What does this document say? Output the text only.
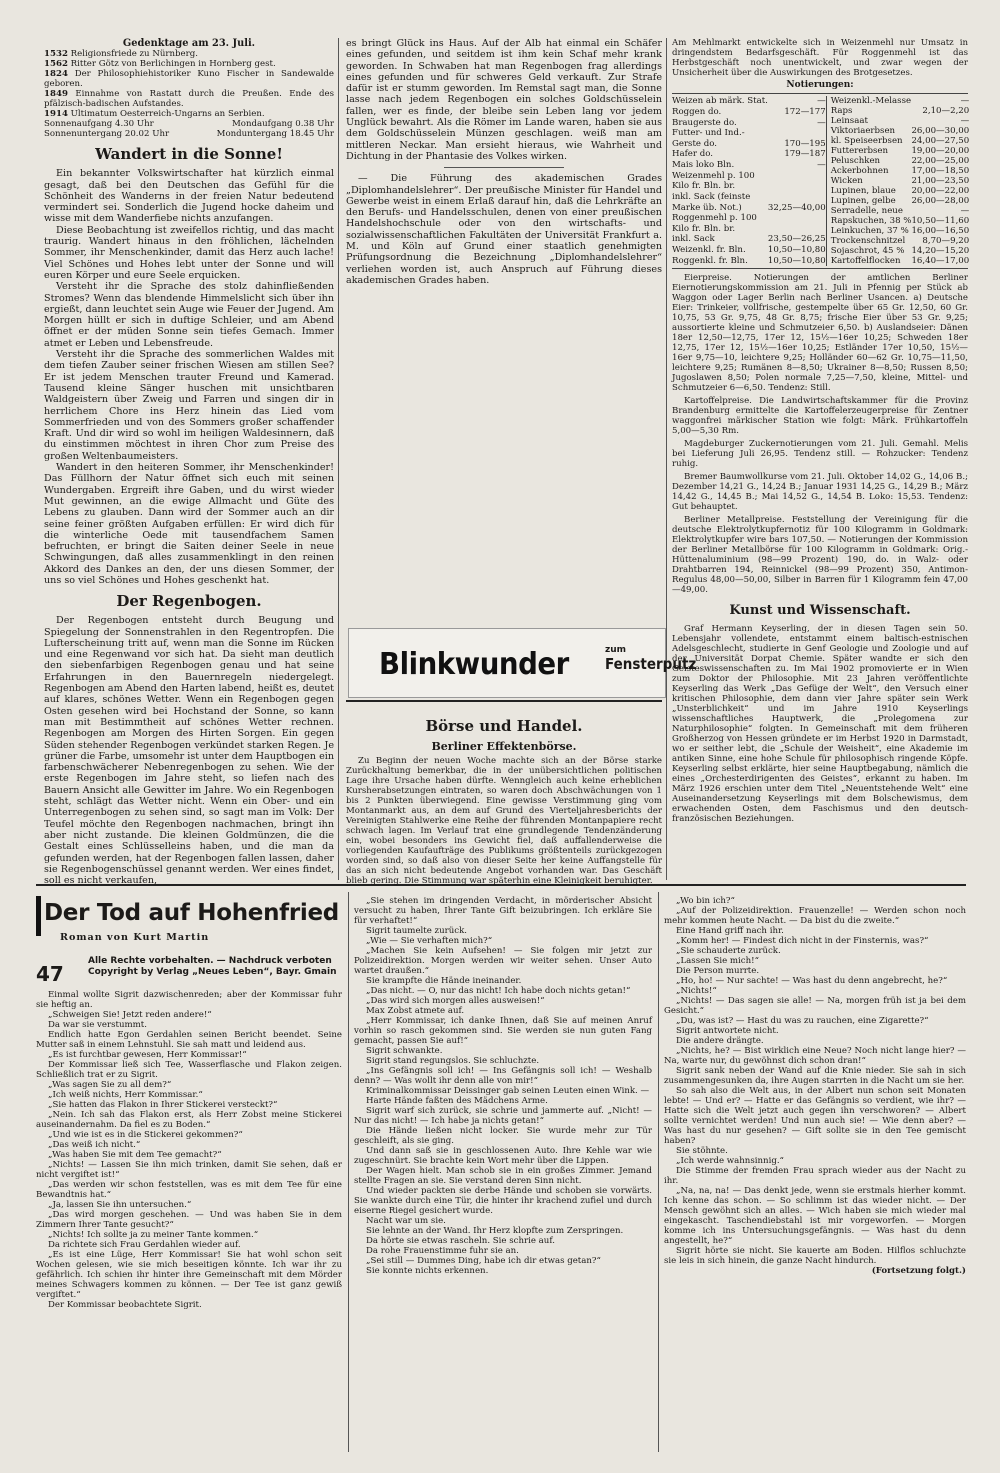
Gedenktage am 23. Juli.
1532 Religionsfriede zu Nürnberg.
1562 Ritter Götz von Berlichingen in Hornberg gest.
1824 Der Philosophiehistoriker Kuno Fischer in Sandewalde geboren.
1849 Einnahme von Rastatt durch die Preußen. Ende des pfälzisch-badischen Aufstandes.
1914 Ultimatum Oesterreich-Ungarns an Serbien.
Sonnenaufgang 4.30 Uhr	Mondaufgang 0.38 Uhr
Sonnenuntergang 20.02 Uhr	Monduntergang 18.45 Uhr
Wandert in die Sonne!

Ein bekannter Volkswirtschafter hat kürzlich einmal gesagt, daß bei den Deutschen das Gefühl für die Schönheit des Wanderns in der freien Natur bedeutend vermindert sei. Sonderlich die Jugend hocke daheim und wisse mit dem Wanderfiebe nichts anzufangen.

Diese Beobachtung ist zweifellos richtig, und das macht traurig. Wandert hinaus in den fröhlichen, lächelnden Sommer, ihr Menschenkinder, damit das Herz auch lache! Viel Schönes und Hohes lebt unter der Sonne und will euren Körper und eure Seele erquicken.

Versteht ihr die Sprache des stolz dahinfließenden Stromes? Wenn das blendende Himmelslicht sich über ihn ergießt, dann leuchtet sein Auge wie Feuer der Jugend. Am Morgen hüllt er sich in duftige Schleier, und am Abend öffnet er der müden Sonne sein tiefes Gemach. Immer atmet er Leben und Lebensfreude.

Versteht ihr die Sprache des sommerlichen Waldes mit dem tiefen Zauber seiner frischen Wiesen am stillen See? Er ist jedem Menschen trauter Freund und Kamerad. Tausend kleine Sänger huschen mit unsichtbaren Waldgeistern über Zweig und Farren und singen dir in herrlichem Chore ins Herz hinein das Lied vom Sommerfrieden und von des Sommers großer schaffender Kraft. Und dir wird so wohl im heiligen Waldesinnern, daß du einstimmen möchtest in ihren Chor zum Preise des großen Weltenbaumeisters.

Wandert in den heiteren Sommer, ihr Menschenkinder! Das Füllhorn der Natur öffnet sich euch mit seinen Wundergaben. Ergreift ihre Gaben, und du wirst wieder Mut gewinnen, an die ewige Allmacht und Güte des Lebens zu glauben. Dann wird der Sommer auch an dir seine feiner größten Aufgaben erfüllen: Er wird dich für die winterliche Oede mit tausendfachem Samen befruchten, er bringt die Saiten deiner Seele in neue Schwingungen, daß alles zusammenklingt in den reinen Akkord des Dankes an den, der uns diesen Sommer, der uns so viel Schönes und Hohes geschenkt hat.

Der Regenbogen.

Der Regenbogen entsteht durch Beugung und Spiegelung der Sonnenstrahlen in den Regentropfen. Die Lufterscheinung tritt auf, wenn man die Sonne im Rücken und eine Regenwand vor sich hat. Da sieht man deutlich den siebenfarbigen Regenbogen genau und hat seine Erfahrungen in den Bauernregeln niedergelegt. Regenbogen am Abend den Harten labend, heißt es, deutet auf klares, schönes Wetter. Wenn ein Regenbogen gegen Osten gesehen wird bei Hochstand der Sonne, so kann man mit Bestimmtheit auf schönes Wetter rechnen. Regenbogen am Morgen des Hirten Sorgen. Ein gegen Süden stehender Regenbogen verkündet starken Regen. Je grüner die Farbe, umsomehr ist unter dem Hauptbogen ein farbenschwächerer Nebenregenbogen zu sehen. Wie der erste Regenbogen im Jahre steht, so liefen nach des Bauern Ansicht alle Gewitter im Jahre. Wo ein Regenbogen steht, schlägt das Wetter nicht. Wenn ein Ober- und ein Unterregenbogen zu sehen sind, so sagt man im Volk: Der Teufel möchte den Regenbogen nachmachen, bringt ihn aber nicht zustande. Die kleinen Goldmünzen, die die Gestalt eines Schlüsselleins haben, und die man da gefunden werden, hat der Regenbogen fallen lassen, daher sie Regenbogenschüssel genannt werden. Wer eines findet, soll es nicht verkaufen,

es bringt Glück ins Haus. Auf der Alb hat einmal ein Schäfer eines gefunden, und seitdem ist ihm kein Schaf mehr krank geworden. In Schwaben hat man Regenbogen frag allerdings eines gefunden und für schweres Geld verkauft. Zur Strafe dafür ist er stumm geworden. Im Remstal sagt man, die Sonne lasse nach jedem Regenbogen ein solches Goldschüsselein fallen, wer es finde, der bleibe sein Leben lang vor jedem Unglück bewahrt. Als die Römer im Lande waren, haben sie aus dem Goldschüsselein Münzen geschlagen. weiß man am mittleren Neckar. Man ersieht hieraus, wie Wahrheit und Dichtung in der Phantasie des Volkes wirken.

— Die Führung des akademischen Grades „Diplomhandelslehrer“. Der preußische Minister für Handel und Gewerbe weist in einem Erlaß darauf hin, daß die Lehrkräfte an den Berufs- und Handelsschulen, denen von einer preußischen Handelshochschule oder von den wirtschafts- und sozialwissenschaftlichen Fakultäten der Universität Frankfurt a. M. und Köln auf Grund einer staatlich genehmigten Prüfungsordnung die Bezeichnung „Diplomhandelslehrer“ verliehen worden ist, auch Anspruch auf Führung dieses akademischen Grades haben.

Blinkwunder	zum
Fensterputz
Börse und Handel.
Berliner Effektenbörse.

Zu Beginn der neuen Woche machte sich an der Börse starke Zurückhaltung bemerkbar, die in der unübersichtlichen politischen Lage ihre Ursache haben dürfte. Wenngleich auch keine erheblichen Kursherabsetzungen eintraten, so waren doch Abschwächungen von 1 bis 2 Punkten überwiegend. Eine gewisse Verstimmung ging vom Montanmarkt aus, an dem auf Grund des Vierteljahresberichts der Vereinigten Stahlwerke eine Reihe der führenden Montanpapiere recht schwach lagen. Im Verlauf trat eine grundlegende Tendenzänderung ein, wobei besonders ins Gewicht fiel, daß auffallenderweise die vorliegenden Kaufaufträge des Publikums größtenteils zurückgezogen worden sind, so daß also von dieser Seite her keine Auffangstelle für das an sich nicht bedeutende Angebot vorhanden war. Das Geschäft blieb gering. Die Stimmung war späterhin eine Kleinigkeit beruhigter.

Am Mehlmarkt entwickelte sich in Weizenmehl nur Umsatz in dringendstem Bedarfsgeschäft. Für Roggenmehl ist das Herbstgeschäft noch unentwickelt, und zwar wegen der Unsicherheit über die Auswirkungen des Brotgesetzes.

Notierungen:
Weizen ab märk. Stat.	—
Roggen do.	172—177
Braugerste do.	—
Futter- und Ind.-	
Gerste do.	170—195
Hafer do.	179—187
Mais loko Bln.	—
Weizenmehl p. 100	
Kilo fr. Bln. br.	
inkl. Sack (feinste	
Marke üb. Not.)	32,25—40,00
Roggenmehl p. 100	
Kilo fr. Bln. br.	
inkl. Sack	23,50—26,25
Weizenkl. fr. Bln.	10,50—10,80
Roggenkl. fr. Bln.	10,50—10,80
Weizenkl.-Melasse	—
Raps	2,10—2,20
Leinsaat	—
Viktoriaerbsen	26,00—30,00
kl. Speiseerbsen	24,00—27,50
Futtererbsen	19,00—20,00
Peluschken	22,00—25,00
Ackerbohnen	17,00—18,50
Wicken	21,00—23,50
Lupinen, blaue	20,00—22,00
Lupinen, gelbe	26,00—28,00
Serradelle, neue	—
Rapskuchen, 38 %	10,50—11,60
Leinkuchen, 37 %	16,00—16,50
Trockenschnitzel	8,70—9,20
Sojaschrot, 45 %	14,20—15,20
Kartoffelflocken	16,40—17,00

Eierpreise. Notierungen der amtlichen Berliner Eiernotierungskommission am 21. Juli in Pfennig per Stück ab Waggon oder Lager Berlin nach Berliner Usancen. a) Deutsche Eier: Trinkeier, vollfrische, gestempelte über 65 Gr. 12,50, 60 Gr. 10,75, 53 Gr. 9,75, 48 Gr. 8,75; frische Eier über 53 Gr. 9,25; aussortierte kleine und Schmutzeier 6,50. b) Auslandseier: Dänen 18er 12,50—12,75, 17er 12, 15½—16er 10,25; Schweden 18er 12,75, 17er 12, 15½—16er 10,25; Estländer 17er 10,50, 15½—16er 9,75—10, leichtere 9,25; Holländer 60—62 Gr. 10,75—11,50, leichtere 9,25; Rumänen 8—8,50; Ukrainer 8—8,50; Russen 8,50; Jugoslawen 8,50; Polen normale 7,25—7,50, kleine, Mittel- und Schmutzeier 6—6,50. Tendenz: Still.

Kartoffelpreise. Die Landwirtschaftskammer für die Provinz Brandenburg ermittelte die Kartoffelerzeugerpreise für Zentner waggonfrei märkischer Station wie folgt: Märk. Frühkartoffeln 5,00—5,30 Rm.

Magdeburger Zuckernotierungen vom 21. Juli. Gemahl. Melis bei Lieferung Juli 26,95. Tendenz still. — Rohzucker: Tendenz ruhig.

Bremer Baumwollkurse vom 21. Juli. Oktober 14,02 G., 14,06 B.; Dezember 14,21 G., 14,24 B.; Januar 1931 14,25 G., 14,29 B.; März 14,42 G., 14,45 B.; Mai 14,52 G., 14,54 B. Loko: 15,53. Tendenz: Gut behauptet.

Berliner Metallpreise. Feststellung der Vereinigung für die deutsche Elektrolytkupfernotiz für 100 Kilogramm in Goldmark: Elektrolytkupfer wire bars 107,50. — Notierungen der Kommission der Berliner Metallbörse für 100 Kilogramm in Goldmark: Orig.-Hüttenaluminium (98—99 Prozent) 190, do. in Walz- oder Drahtbarren 194, Reinnickel (98—99 Prozent) 350, Antimon-Regulus 48,00—50,00, Silber in Barren für 1 Kilogramm fein 47,00—49,00.

Kunst und Wissenschaft.

Graf Hermann Keyserling, der in diesen Tagen sein 50. Lebensjahr vollendete, entstammt einem baltisch-estnischen Adelsgeschlecht, studierte in Genf Geologie und Zoologie und auf der Universität Dorpat Chemie. Später wandte er sich den Geisteswissenschaften zu. Im Mai 1902 promovierte er in Wien zum Doktor der Philosophie. Mit 23 Jahren veröffentlichte Keyserling das Werk „Das Gefüge der Welt“, den Versuch einer kritischen Philosophie, dem dann vier Jahre später sein Werk „Unsterblichkeit“ und im Jahre 1910 Keyserlings wissenschaftliches Hauptwerk, die „Prolegomena zur Naturphilosophie“ folgten. In Gemeinschaft mit dem früheren Großherzog von Hessen gründete er im Herbst 1920 in Darmstadt, wo er seither lebt, die „Schule der Weisheit“, eine Akademie im antiken Sinne, eine hohe Schule für philosophisch ringende Köpfe. Keyserling selbst erklärte, hier seine Hauptbegabung, nämlich die eines „Orchesterdirigenten des Geistes“, erkannt zu haben. Im März 1926 erschien unter dem Titel „Neuentstehende Welt“ eine Auseinandersetzung Keyserlings mit dem Bolschewismus, dem erwachenden Osten, dem Faschismus und den deutsch-französischen Beziehungen.

Der Tod auf Hohenfried
Roman von Kurt Martin
47
Alle Rechte vorbehalten. — Nachdruck verboten
Copyright by Verlag „Neues Leben“, Bayr. Gmain

Einmal wollte Sigrit dazwischenreden; aber der Kommissar fuhr sie heftig an.

„Schweigen Sie! Jetzt reden andere!“

Da war sie verstummt.

Endlich hatte Egon Gerdahlen seinen Bericht beendet. Seine Mutter saß in einem Lehnstuhl. Sie sah matt und leidend aus.

„Es ist furchtbar gewesen, Herr Kommissar!“

Der Kommissar ließ sich Tee, Wasserflasche und Flakon zeigen. Schließlich trat er zu Sigrit.

„Was sagen Sie zu all dem?“

„Ich weiß nichts, Herr Kommissar.“

„Sie hatten das Flakon in Ihrer Stickerei versteckt?“

„Nein. Ich sah das Flakon erst, als Herr Zobst meine Stickerei auseinandernahm. Da fiel es zu Boden.“

„Und wie ist es in die Stickerei gekommen?“

„Das weiß ich nicht.“

„Was haben Sie mit dem Tee gemacht?“

„Nichts! — Lassen Sie ihn mich trinken, damit Sie sehen, daß er nicht vergiftet ist!“

„Das werden wir schon feststellen, was es mit dem Tee für eine Bewandtnis hat.“

„Ja, lassen Sie ihn untersuchen.“

„Das wird morgen geschehen. — Und was haben Sie in dem Zimmern Ihrer Tante gesucht?“

„Nichts! Ich sollte ja zu meiner Tante kommen.“

Da richtete sich Frau Gerdahlen wieder auf.

„Es ist eine Lüge, Herr Kommissar! Sie hat wohl schon seit Wochen gelesen, wie sie mich beseitigen könnte. Ich war ihr zu gefährlich. Ich schien ihr hinter ihre Gemeinschaft mit dem Mörder meines Schwagers kommen zu können. — Der Tee ist ganz gewiß vergiftet.“

Der Kommissar beobachtete Sigrit.

„Sie stehen im dringenden Verdacht, in mörderischer Absicht versucht zu haben, Ihrer Tante Gift beizubringen. Ich erkläre Sie für verhaftet!“

Sigrit taumelte zurück.

„Wie — Sie verhaften mich?“

„Machen Sie kein Aufsehen! — Sie folgen mir jetzt zur Polizeidirektion. Morgen werden wir weiter sehen. Unser Auto wartet draußen.“

Sie krampfte die Hände ineinander.

„Das nicht. — O, nur das nicht! Ich habe doch nichts getan!“

„Das wird sich morgen alles ausweisen!“

Max Zobst atmete auf.

„Herr Kommissar, ich danke Ihnen, daß Sie auf meinen Anruf vorhin so rasch gekommen sind. Sie werden sie nun guten Fang gemacht, passen Sie auf!“

Sigrit schwankte.

Sigrit stand regungslos. Sie schluchzte.

„Ins Gefängnis soll ich! — Ins Gefängnis soll ich! — Weshalb denn? — Was wollt ihr denn alle von mir!“

Kriminalkommissar Deissinger gab seinen Leuten einen Wink. —

Harte Hände faßten des Mädchens Arme.

Sigrit warf sich zurück, sie schrie und jammerte auf. „Nicht! — Nur das nicht! — Ich habe ja nichts getan!“

Die Hände ließen nicht locker. Sie wurde mehr zur Tür geschleift, als sie ging.

Und dann saß sie in geschlossenen Auto. Ihre Kehle war wie zugeschnürt. Sie brachte kein Wort mehr über die Lippen.

Der Wagen hielt. Man schob sie in ein großes Zimmer. Jemand stellte Fragen an sie. Sie verstand deren Sinn nicht.

Und wieder packten sie derbe Hände und schoben sie vorwärts. Sie wankte durch eine Tür, die hinter ihr krachend zufiel und durch eiserne Riegel gesichert wurde.

Nacht war um sie.

Sie lehnte an der Wand. Ihr Herz klopfte zum Zerspringen.

Da hörte sie etwas rascheln. Sie schrie auf.

Da rohe Frauenstimme fuhr sie an.

„Sei still — Dummes Ding, habe ich dir etwas getan?“

Sie konnte nichts erkennen.

„Wo bin ich?“

„Auf der Polizeidirektion. Frauenzelle! — Werden schon noch mehr kommen heute Nacht. — Da bist du die zweite.“

Eine Hand griff nach ihr.

„Komm her! — Findest dich nicht in der Finsternis, was?“

„Sie schauderte zurück.

„Lassen Sie mich!“

Die Person murrte.

„Ho, ho! — Nur sachte! — Was hast du denn angebrecht, he?“

„Nichts!“

„Nichts! — Das sagen sie alle! — Na, morgen früh ist ja bei dem Gesicht.“

„Du, was ist? — Hast du was zu rauchen, eine Zigarette?“

Sigrit antwortete nicht.

Die andere drängte.

„Nichts, he? — Bist wirklich eine Neue? Noch nicht lange hier? — Na, warte nur, du gewöhnst dich schon dran!“

Sigrit sank neben der Wand auf die Knie nieder. Sie sah in sich zusammengesunken da, ihre Augen starrten in die Nacht um sie her.

So sah also die Welt aus, in der Albert nun schon seit Monaten lebte! — Und er? — Hatte er das Gefängnis so verdient, wie ihr? — Hatte sich die Welt jetzt auch gegen ihn verschworen? — Albert sollte vernichtet werden! Und nun auch sie! — Wie denn aber? — Was hast du nur gesehen? — Gift sollte sie in den Tee gemischt haben?

Sie stöhnte.

„Ich werde wahnsinnig.“

Die Stimme der fremden Frau sprach wieder aus der Nacht zu ihr.

„Na, na, na! — Das denkt jede, wenn sie erstmals hierher kommt. Ich kenne das schon. — So schlimm ist das wieder nicht. — Der Mensch gewöhnt sich an alles. — Wich haben sie mich wieder mal eingekascht. Taschendiebstahl ist mir vorgeworfen. — Morgen komme ich ins Untersuchungsgefängnis. — Was hast du denn angestellt, he?“

Sigrit hörte sie nicht. Sie kauerte am Boden. Hilflos schluchzte sie leis in sich hinein, die ganze Nacht hindurch.

(Fortsetzung folgt.)
